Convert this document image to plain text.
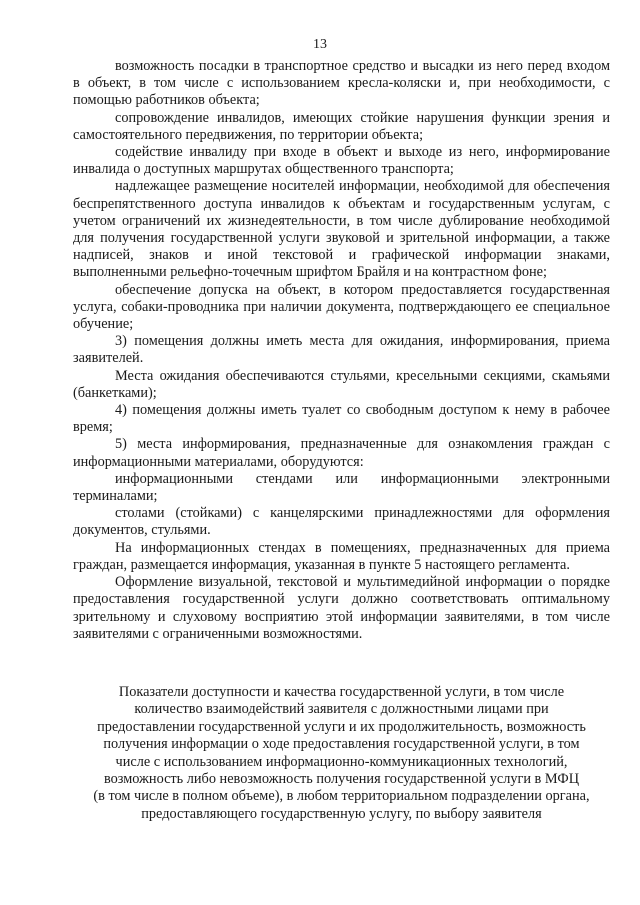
13

возможность посадки в транспортное средство и высадки из него перед входом в объект, в том числе с использованием кресла-коляски и, при необходимости, с помощью работников объекта;

сопровождение инвалидов, имеющих стойкие нарушения функции зрения и самостоятельного передвижения, по территории объекта;

содействие инвалиду при входе в объект и выходе из него, информирование инвалида о доступных маршрутах общественного транспорта;

надлежащее размещение носителей информации, необходимой для обеспечения беспрепятственного доступа инвалидов к объектам и государственным услугам, с учетом ограничений их жизнедеятельности, в том числе дублирование необходимой для получения государственной услуги звуковой и зрительной информации, а также надписей, знаков и иной текстовой и графической информации знаками, выполненными рельефно-точечным шрифтом Брайля и на контрастном фоне;

обеспечение допуска на объект, в котором предоставляется государственная услуга, собаки-проводника при наличии документа, подтверждающего ее специальное обучение;

3) помещения должны иметь места для ожидания, информирования, приема заявителей.

Места ожидания обеспечиваются стульями, кресельными секциями, скамьями (банкетками);

4) помещения должны иметь туалет со свободным доступом к нему в рабочее время;

5) места информирования, предназначенные для ознакомления граждан с информационными материалами, оборудуются:

информационными стендами или информационными электронными терминалами;

столами (стойками) с канцелярскими принадлежностями для оформления документов, стульями.

На информационных стендах в помещениях, предназначенных для приема граждан, размещается информация, указанная в пункте 5 настоящего регламента.

Оформление визуальной, текстовой и мультимедийной информации о порядке предоставления государственной услуги должно соответствовать оптимальному зрительному и слуховому восприятию этой информации заявителями, в том числе заявителями с ограниченными возможностями.

Показатели доступности и качества государственной услуги, в том числе
количество взаимодействий заявителя с должностными лицами при
предоставлении государственной услуги и их продолжительность, возможность
получения информации о ходе предоставления государственной услуги, в том
числе с использованием информационно-коммуникационных технологий,
возможность либо невозможность получения государственной услуги в МФЦ
(в том числе в полном объеме), в любом территориальном подразделении органа,
предоставляющего государственную услугу, по выбору заявителя
